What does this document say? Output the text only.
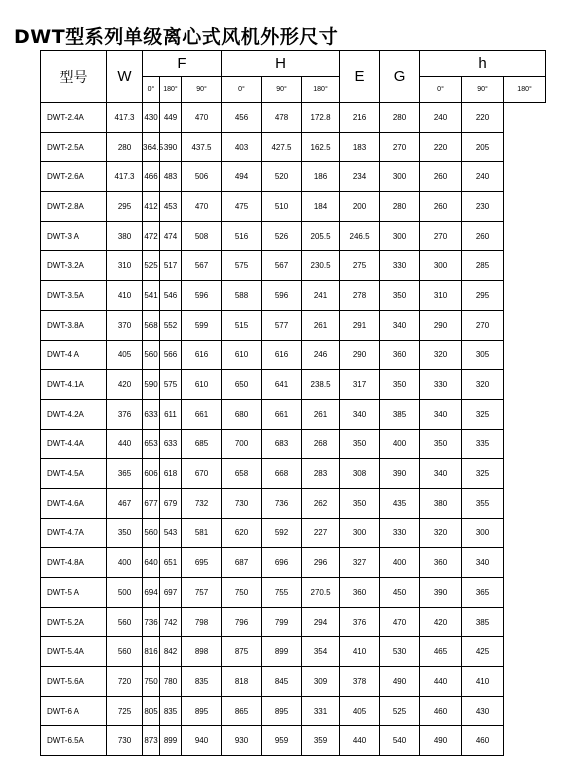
DWT型系列单级离心式风机外形尺寸
型号	W	F			H			E	G	h		
		0°	180°	90°	0°	90°	180°			0°	90°	180°
DWT-2.4A	417.3	430	449	470	456	478	172.8	216	280	240	220	
DWT-2.5A	280	364.5	390	437.5	403	427.5	162.5	183	270	220	205	
DWT-2.6A	417.3	466	483	506	494	520	186	234	300	260	240	
DWT-2.8A	295	412	453	470	475	510	184	200	280	260	230	
DWT-3 A	380	472	474	508	516	526	205.5	246.5	300	270	260	
DWT-3.2A	310	525	517	567	575	567	230.5	275	330	300	285	
DWT-3.5A	410	541	546	596	588	596	241	278	350	310	295	
DWT-3.8A	370	568	552	599	515	577	261	291	340	290	270	
DWT-4 A	405	560	566	616	610	616	246	290	360	320	305	
DWT-4.1A	420	590	575	610	650	641	238.5	317	350	330	320	
DWT-4.2A	376	633	611	661	680	661	261	340	385	340	325	
DWT-4.4A	440	653	633	685	700	683	268	350	400	350	335	
DWT-4.5A	365	606	618	670	658	668	283	308	390	340	325	
DWT-4.6A	467	677	679	732	730	736	262	350	435	380	355	
DWT-4.7A	350	560	543	581	620	592	227	300	330	320	300	
DWT-4.8A	400	640	651	695	687	696	296	327	400	360	340	
DWT-5 A	500	694	697	757	750	755	270.5	360	450	390	365	
DWT-5.2A	560	736	742	798	796	799	294	376	470	420	385	
DWT-5.4A	560	816	842	898	875	899	354	410	530	465	425	
DWT-5.6A	720	750	780	835	818	845	309	378	490	440	410	
DWT-6 A	725	805	835	895	865	895	331	405	525	460	430	
DWT-6.5A	730	873	899	940	930	959	359	440	540	490	460	
